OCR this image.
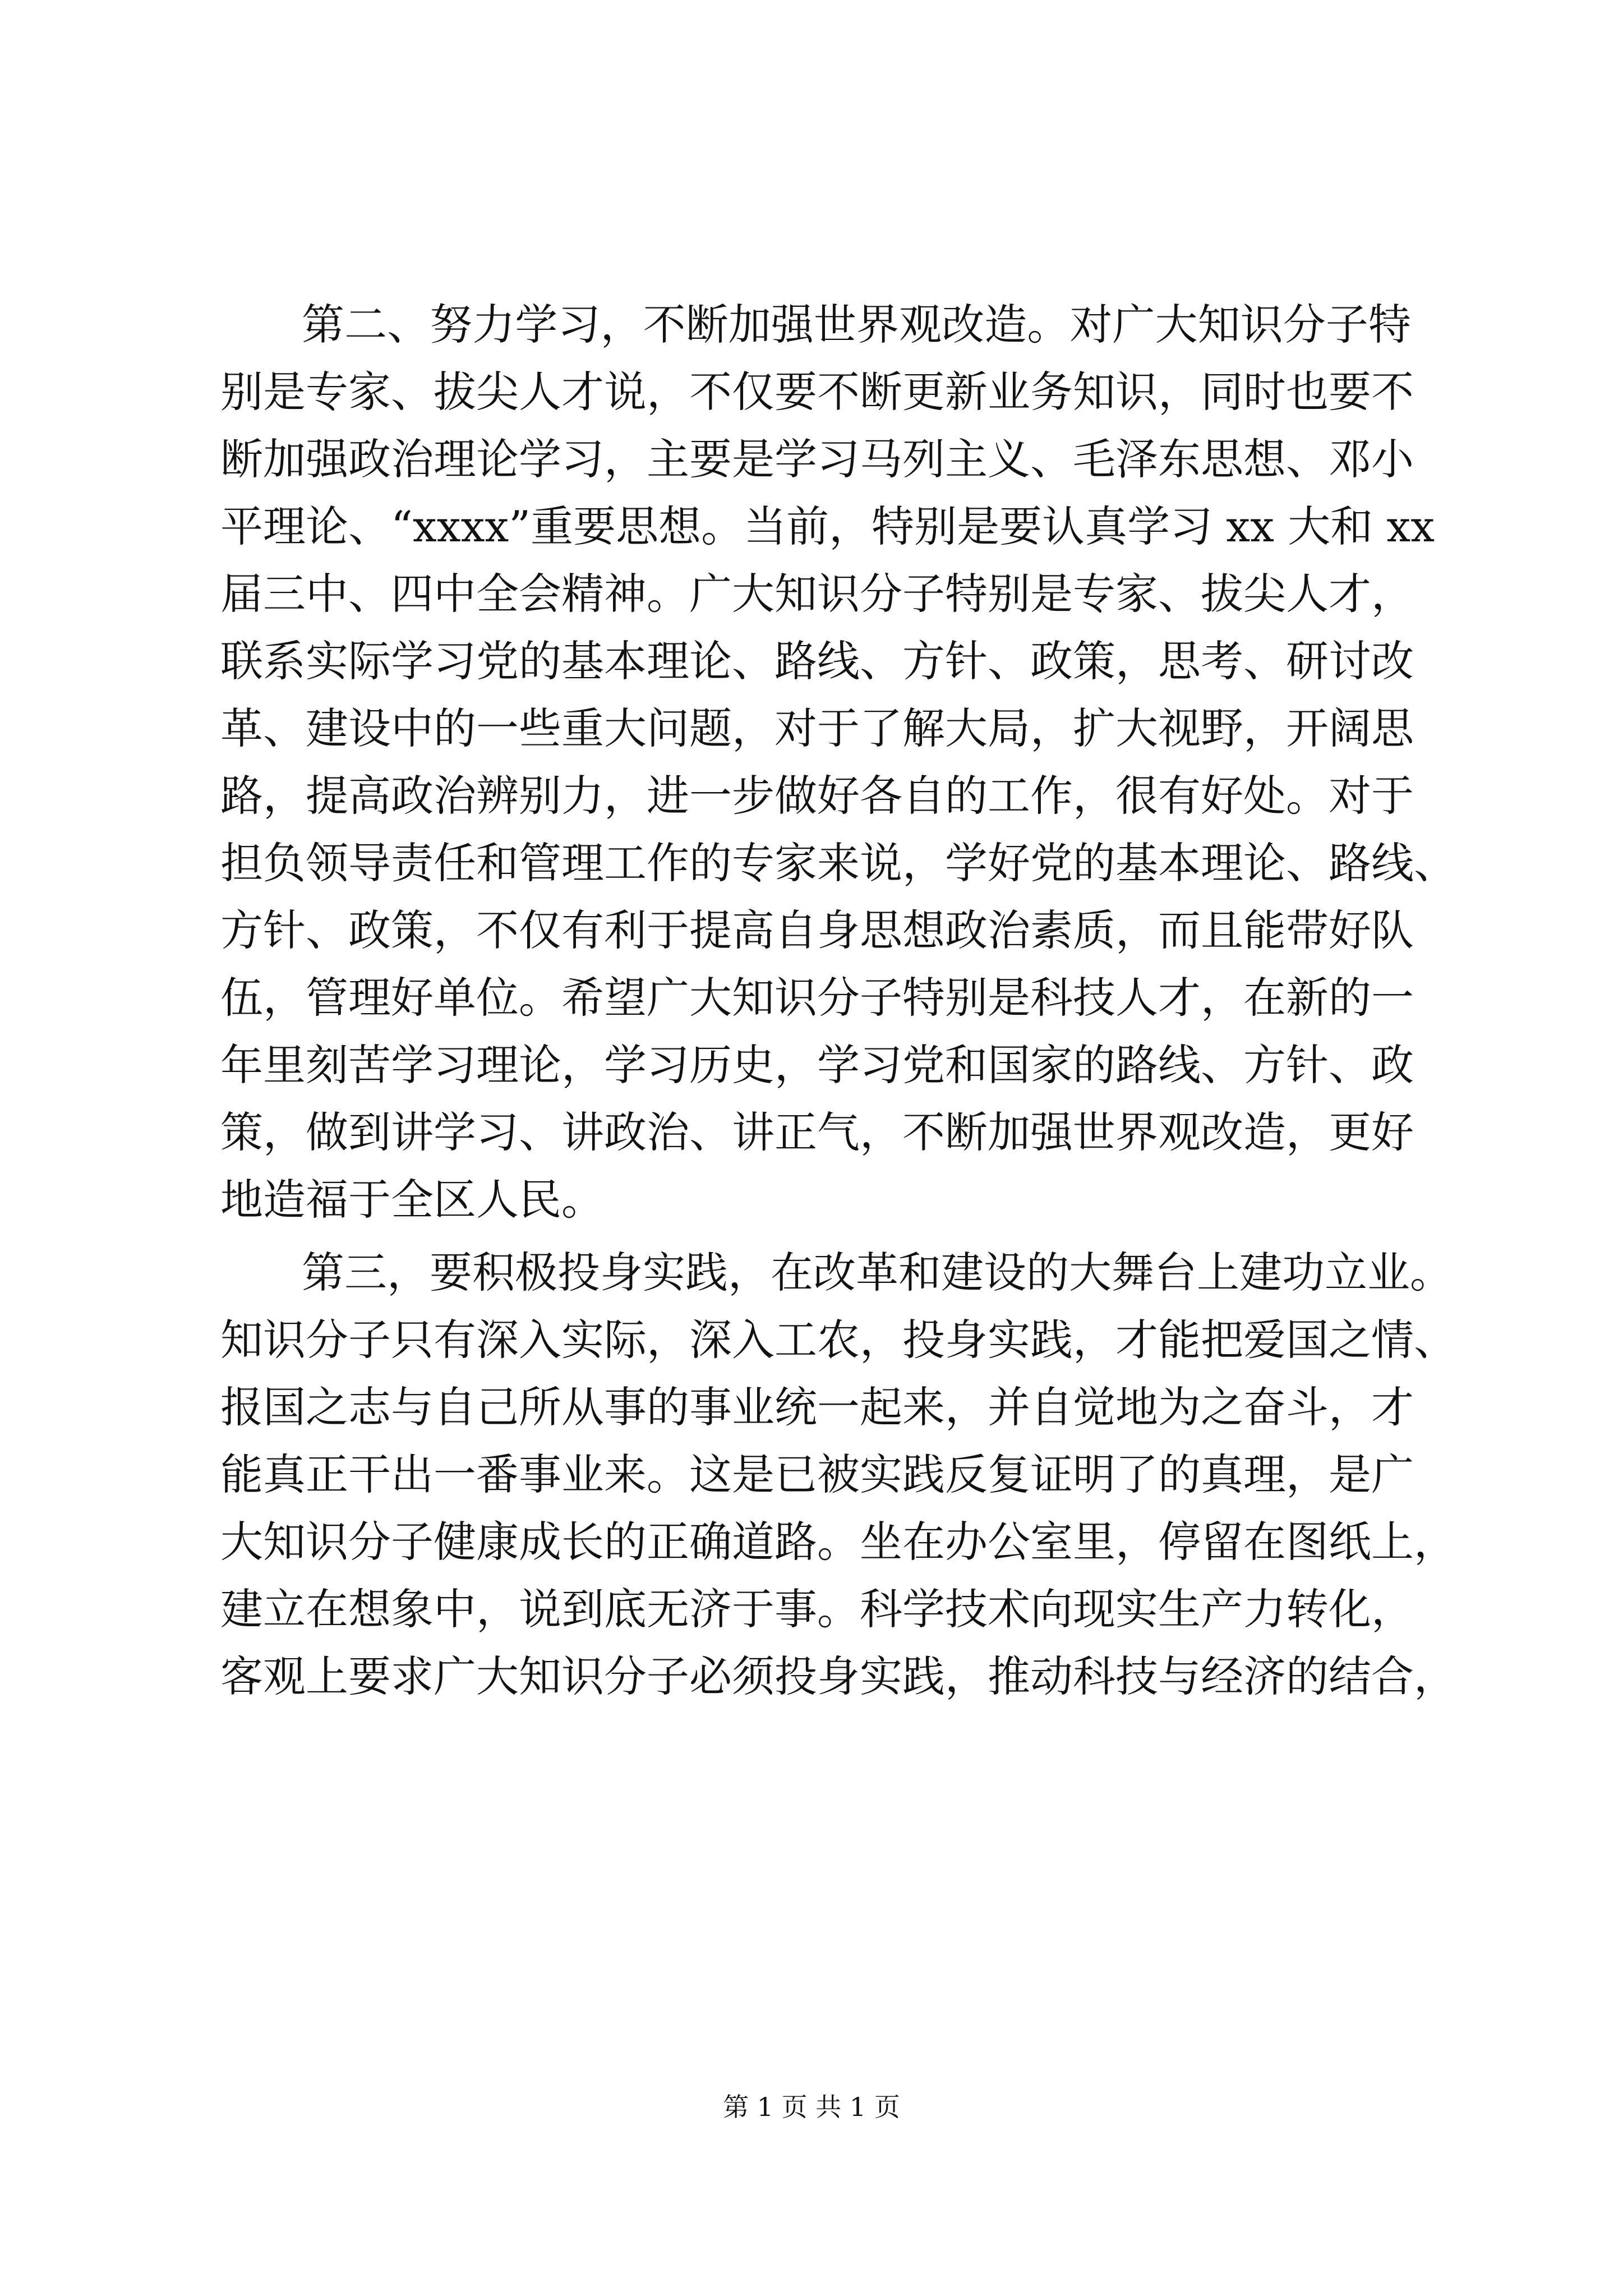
第二、努力学习，不断加强世界观改造。对广大知识分子特
别是专家、拔尖人才说，不仅要不断更新业务知识，同时也要不
断加强政治理论学习，主要是学习马列主义、毛泽东思想、邓小
平理论、“xxxx”重要思想。当前，特别是要认真学习 xx 大和 xx
届三中、四中全会精神。广大知识分子特别是专家、拔尖人才，
联系实际学习党的基本理论、路线、方针、政策，思考、研讨改
革、建设中的一些重大问题，对于了解大局，扩大视野，开阔思
路，提高政治辨别力，进一步做好各自的工作，很有好处。对于
担负领导责任和管理工作的专家来说，学好党的基本理论、路线、
方针、政策，不仅有利于提高自身思想政治素质，而且能带好队
伍，管理好单位。希望广大知识分子特别是科技人才，在新的一
年里刻苦学习理论，学习历史，学习党和国家的路线、方针、政
策，做到讲学习、讲政治、讲正气，不断加强世界观改造，更好
地造福于全区人民。
第三，要积极投身实践，在改革和建设的大舞台上建功立业。
知识分子只有深入实际，深入工农，投身实践，才能把爱国之情、
报国之志与自己所从事的事业统一起来，并自觉地为之奋斗，才
能真正干出一番事业来。这是已被实践反复证明了的真理，是广
大知识分子健康成长的正确道路。坐在办公室里，停留在图纸上，
建立在想象中，说到底无济于事。科学技术向现实生产力转化，
客观上要求广大知识分子必须投身实践，推动科技与经济的结合，
第 1 页 共 1 页
